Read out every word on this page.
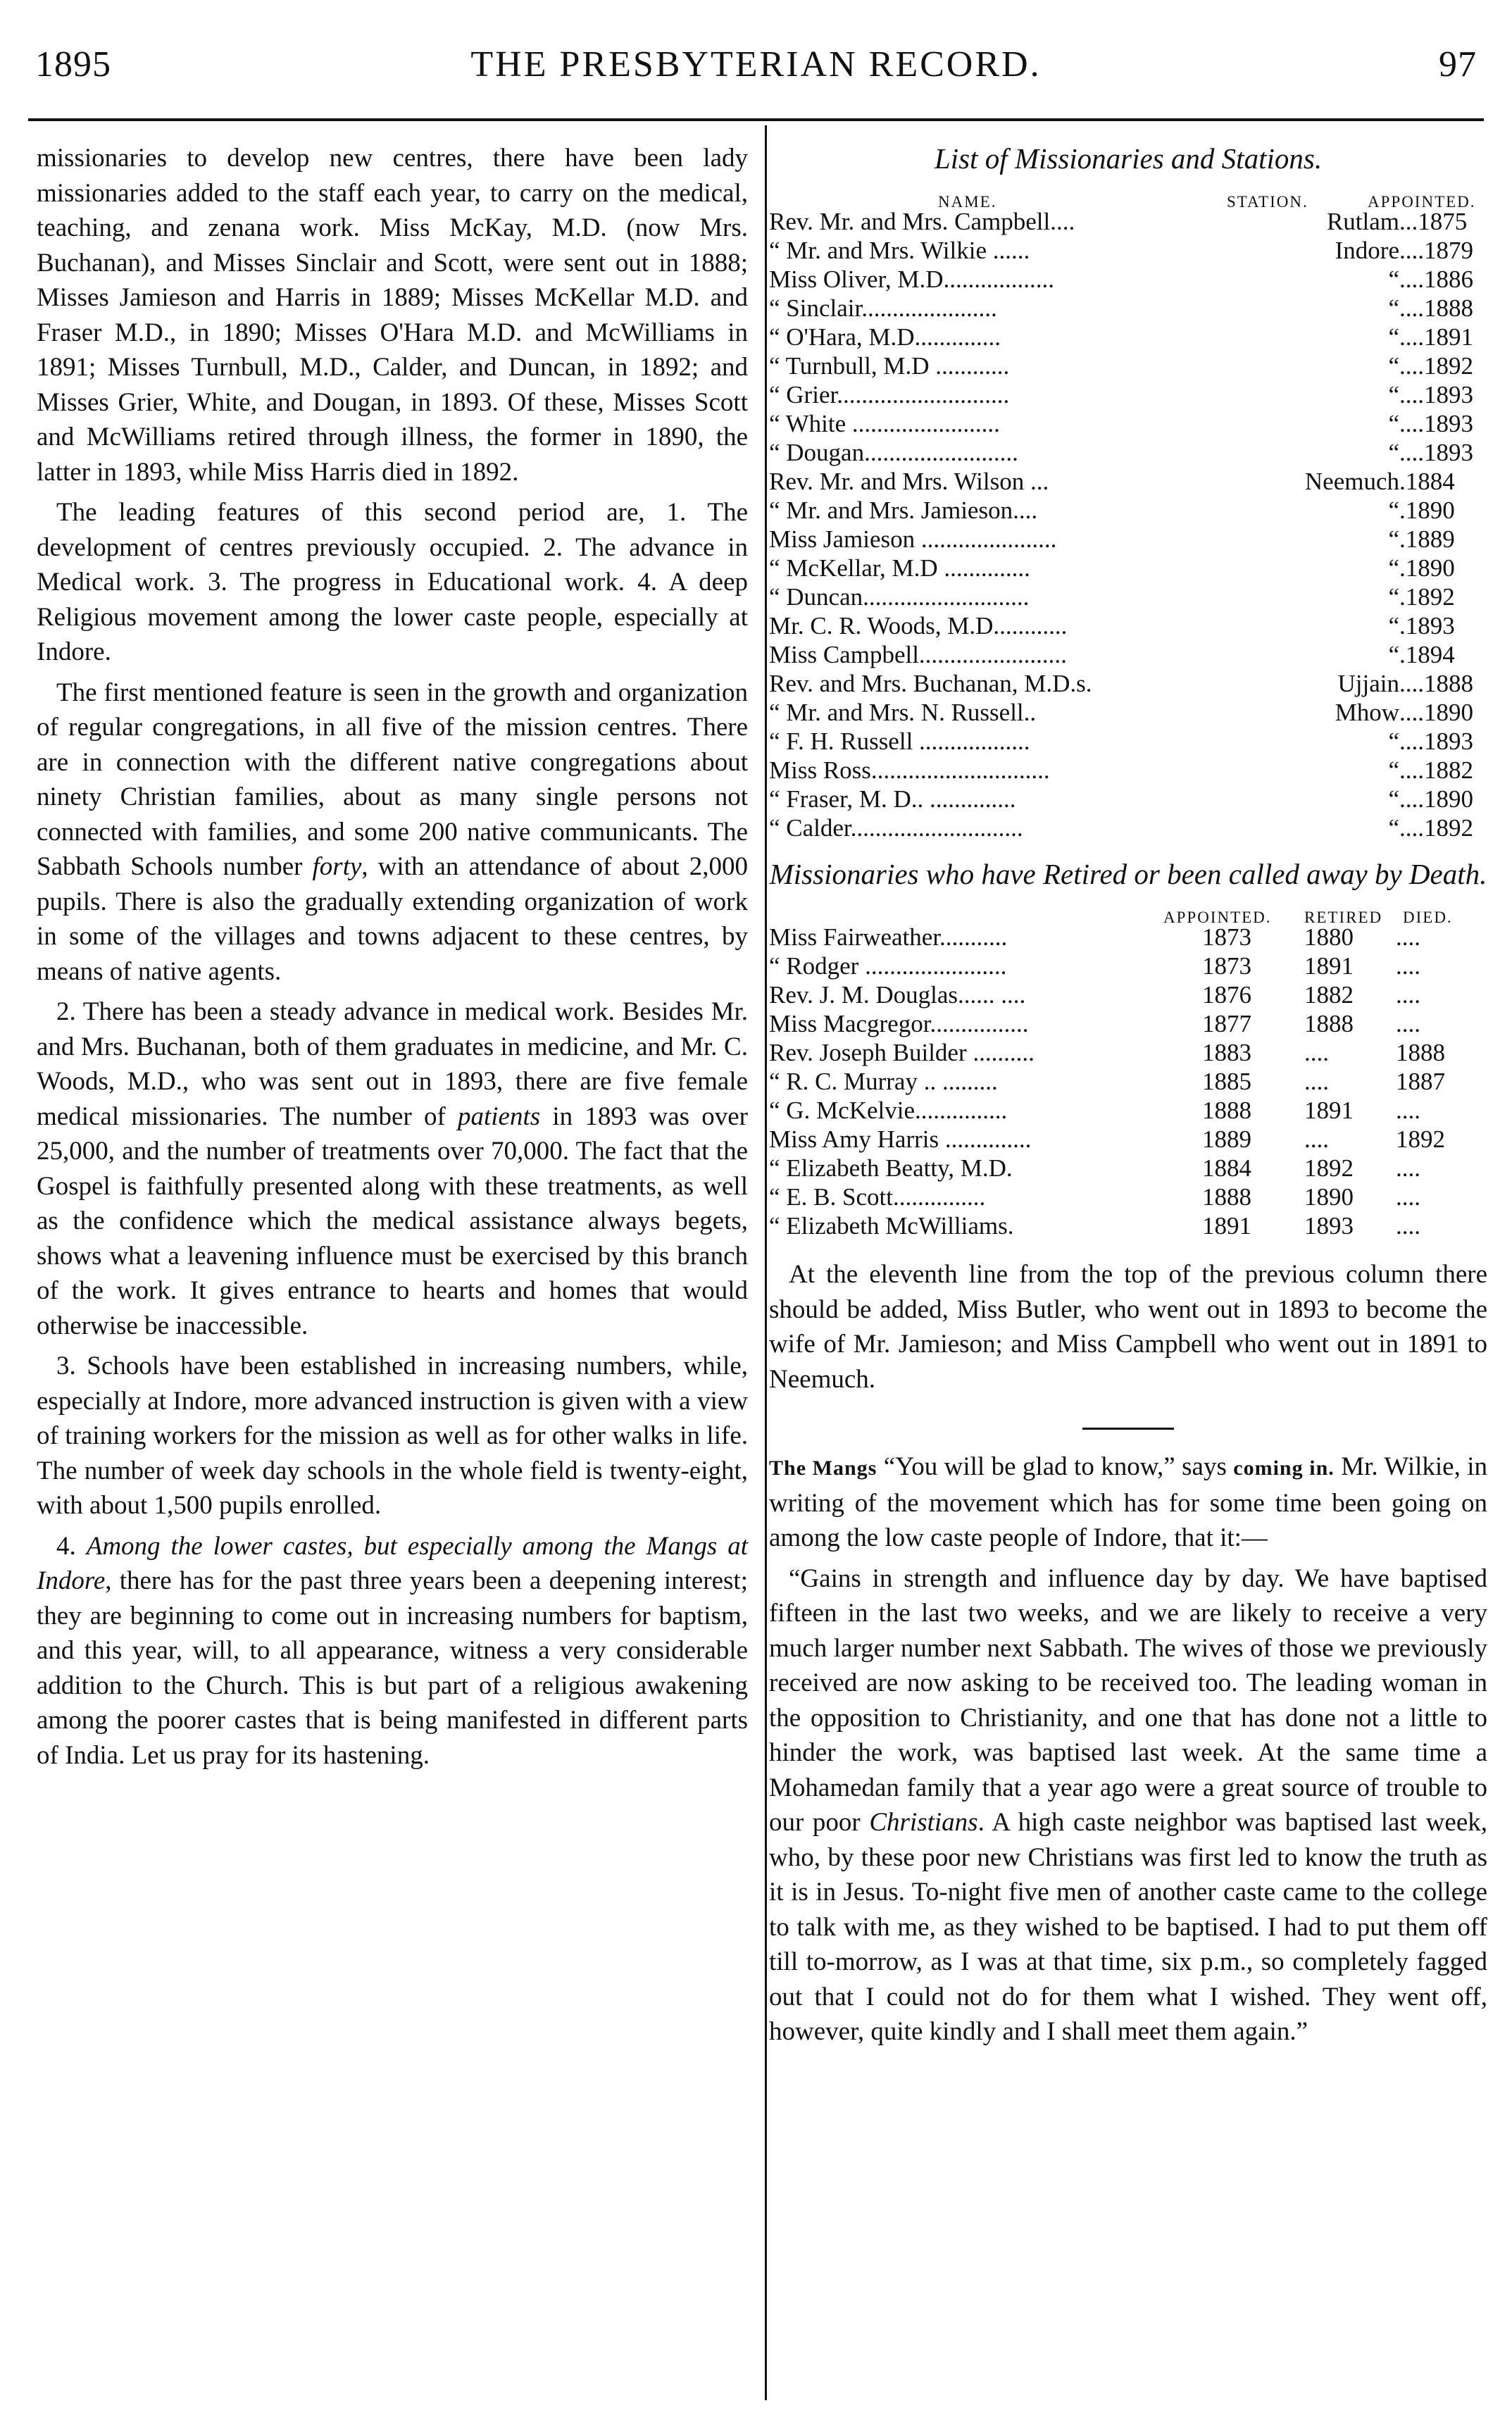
1895	THE PRESBYTERIAN RECORD.	97

missionaries to develop new centres, there have been lady missionaries added to the staff each year, to carry on the medical, teaching, and zenana work. Miss McKay, M.D. (now Mrs. Buchanan), and Misses Sinclair and Scott, were sent out in 1888; Misses Jamieson and Harris in 1889; Misses McKellar M.D. and Fraser M.D., in 1890; Misses O'Hara M.D. and McWilliams in 1891; Misses Turnbull, M.D., Calder, and Duncan, in 1892; and Misses Grier, White, and Dougan, in 1893. Of these, Misses Scott and McWilliams retired through illness, the former in 1890, the latter in 1893, while Miss Harris died in 1892.

The leading features of this second period are, 1. The development of centres previously occupied. 2. The advance in Medical work. 3. The progress in Educational work. 4. A deep Religious movement among the lower caste people, especially at Indore.

The first mentioned feature is seen in the growth and organization of regular congregations, in all five of the mission centres. There are in connection with the different native congregations about ninety Christian families, about as many single persons not connected with families, and some 200 native communicants. The Sabbath Schools number forty, with an attendance of about 2,000 pupils. There is also the gradually extending organization of work in some of the villages and towns adjacent to these centres, by means of native agents.

2. There has been a steady advance in medical work. Besides Mr. and Mrs. Buchanan, both of them graduates in medicine, and Mr. C. Woods, M.D., who was sent out in 1893, there are five female medical missionaries. The number of patients in 1893 was over 25,000, and the number of treatments over 70,000. The fact that the Gospel is faithfully presented along with these treatments, as well as the confidence which the medical assistance always begets, shows what a leavening influence must be exercised by this branch of the work. It gives entrance to hearts and homes that would otherwise be inaccessible.

3. Schools have been established in increasing numbers, while, especially at Indore, more advanced instruction is given with a view of training workers for the mission as well as for other walks in life. The number of week day schools in the whole field is twenty-eight, with about 1,500 pupils enrolled.

4. Among the lower castes, but especially among the Mangs at Indore, there has for the past three years been a deepening interest; they are beginning to come out in increasing numbers for baptism, and this year, will, to all appearance, witness a very considerable addition to the Church. This is but part of a religious awakening among the poorer castes that is being manifested in different parts of India. Let us pray for its hastening.

List of Missionaries and Stations.
NAME.	STATION.	APPOINTED.
Rev. Mr. and Mrs. Campbell....	Rutlam ...1875
“ Mr. and Mrs. Wilkie ......	Indore ....1879
Miss Oliver, M.D..................	“ ....1886
“ Sinclair......................	“ ....1888
“ O'Hara, M.D..............	“ ....1891
“ Turnbull, M.D ............	“ ....1892
“ Grier............................	“ ....1893
“ White ........................	“ ....1893
“ Dougan.........................	“ ....1893
Rev. Mr. and Mrs. Wilson ...	Neemuch .1884
“ Mr. and Mrs. Jamieson....	“ .1890
Miss Jamieson ......................	“ .1889
“ McKellar, M.D ..............	“ .1890
“ Duncan...........................	“ .1892
Mr. C. R. Woods, M.D............	“ .1893
Miss Campbell........................	“ .1894
Rev. and Mrs. Buchanan, M.D.s.	Ujjain ....1888
“ Mr. and Mrs. N. Russell..	Mhow ....1890
“ F. H. Russell ..................	“ ....1893
Miss Ross.............................	“ ....1882
“ Fraser, M. D.. ..............	“ ....1890
“ Calder............................	“ ....1892
Missionaries who have Retired or been called away by Death.
APPOINTED. RETIRED DIED.
Miss Fairweather...........	1873 1880 ....
“ Rodger .......................	1873 1891 ....
Rev. J. M. Douglas...... ....	1876 1882 ....
Miss Macgregor................	1877 1888 ....
Rev. Joseph Builder ..........	1883 ....	1888
“ R. C. Murray .. .........	1885 ....	1887
“ G. McKelvie...............	1888 1891 ....
Miss Amy Harris ..............	1889 ....	1892
“ Elizabeth Beatty, M.D.	1884 1892 ....
“ E. B. Scott...............	1888 1890 ....
“ Elizabeth McWilliams.	1891 1893 ....

At the eleventh line from the top of the previous column there should be added, Miss Butler, who went out in 1893 to become the wife of Mr. Jamieson; and Miss Campbell who went out in 1891 to Neemuch.

The Mangs “You will be glad to know,” says coming in. Mr. Wilkie, in writing of the movement which has for some time been going on among the low caste people of Indore, that it:—

“Gains in strength and influence day by day. We have baptised fifteen in the last two weeks, and we are likely to receive a very much larger number next Sabbath. The wives of those we previously received are now asking to be received too. The leading woman in the opposition to Christianity, and one that has done not a little to hinder the work, was baptised last week. At the same time a Mohamedan family that a year ago were a great source of trouble to our poor Christians. A high caste neighbor was baptised last week, who, by these poor new Christians was first led to know the truth as it is in Jesus. To-night five men of another caste came to the college to talk with me, as they wished to be baptised. I had to put them off till to-morrow, as I was at that time, six p.m., so completely fagged out that I could not do for them what I wished. They went off, however, quite kindly and I shall meet them again.”
